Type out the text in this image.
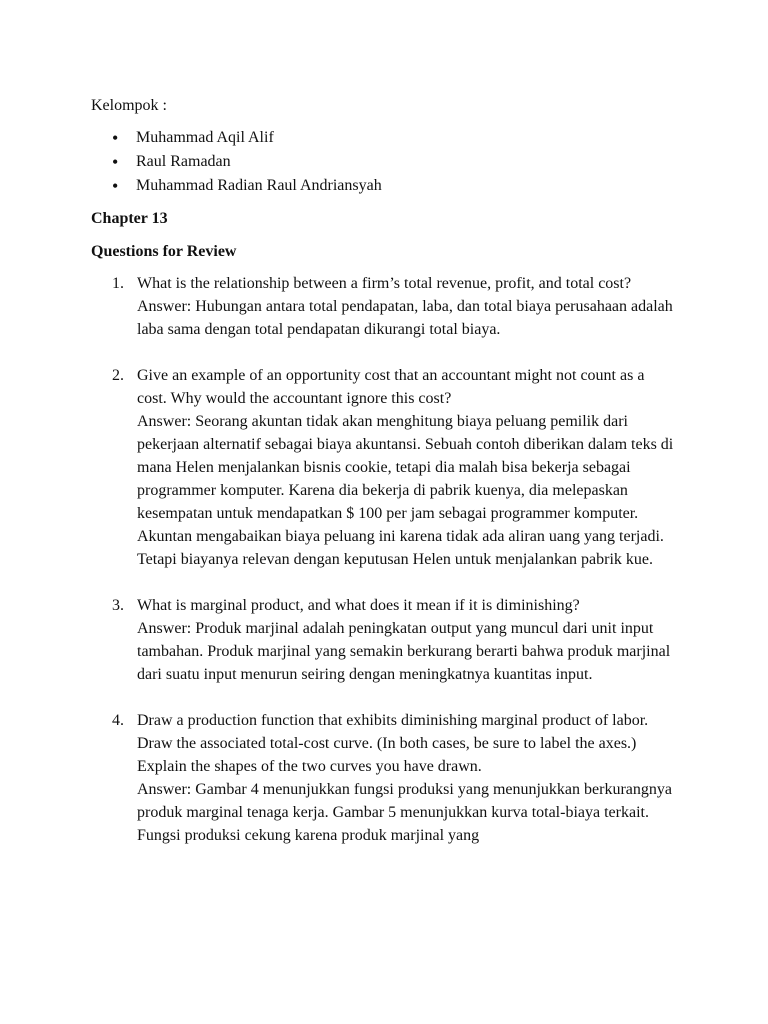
Kelompok :

• Muhammad Aqil Alif
• Raul Ramadan
• Muhammad Radian Raul Andriansyah

Chapter 13

Questions for Review

1. What is the relationship between a firm’s total revenue, profit, and total cost?

Answer: Hubungan antara total pendapatan, laba, dan total biaya perusahaan adalah laba sama dengan total pendapatan dikurangi total biaya.

2. Give an example of an opportunity cost that an accountant might not count as a cost. Why would the accountant ignore this cost?

Answer: Seorang akuntan tidak akan menghitung biaya peluang pemilik dari pekerjaan alternatif sebagai biaya akuntansi. Sebuah contoh diberikan dalam teks di mana Helen menjalankan bisnis cookie, tetapi dia malah bisa bekerja sebagai programmer komputer. Karena dia bekerja di pabrik kuenya, dia melepaskan kesempatan untuk mendapatkan $ 100 per jam sebagai programmer komputer. Akuntan mengabaikan biaya peluang ini karena tidak ada aliran uang yang terjadi. Tetapi biayanya relevan dengan keputusan Helen untuk menjalankan pabrik kue.

3. What is marginal product, and what does it mean if it is diminishing?

Answer: Produk marjinal adalah peningkatan output yang muncul dari unit input tambahan. Produk marjinal yang semakin berkurang berarti bahwa produk marjinal dari suatu input menurun seiring dengan meningkatnya kuantitas input.

4. Draw a production function that exhibits diminishing marginal product of labor. Draw the associated total-cost curve. (In both cases, be sure to label the axes.) Explain the shapes of the two curves you have drawn.

Answer: Gambar 4 menunjukkan fungsi produksi yang menunjukkan berkurangnya produk marginal tenaga kerja. Gambar 5 menunjukkan kurva total-biaya terkait. Fungsi produksi cekung karena produk marjinal yang
